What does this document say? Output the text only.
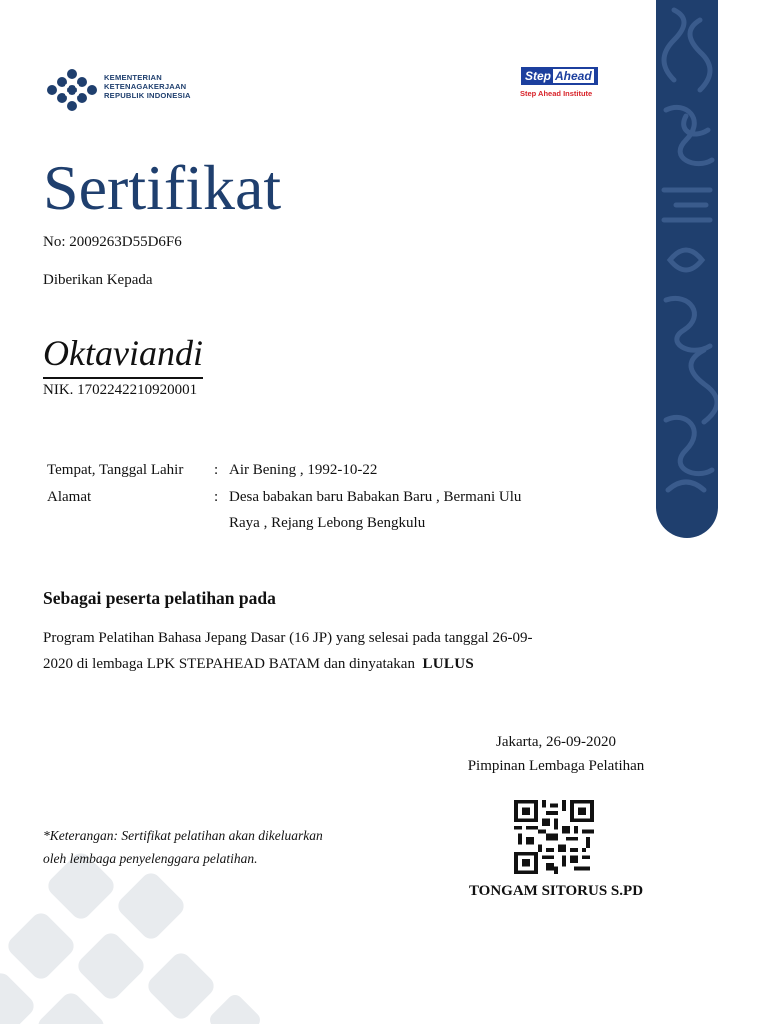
KEMENTERIAN
KETENAGAKERJAAN
REPUBLIK INDONESIA
Step Ahead
Step Ahead Institute
Sertifikat
No: 2009263D55D6F6
Diberikan Kepada
Oktaviandi
NIK. 1702242210920001
Tempat, Tanggal Lahir : Air Bening , 1992-10-22
Alamat	: Desa babakan baru Babakan Baru , Bermani Ulu
Raya , Rejang Lebong Bengkulu
Sebagai peserta pelatihan pada
Program Pelatihan Bahasa Jepang Dasar (16 JP) yang selesai pada tanggal 26-09-
2020 di lembaga LPK STEPAHEAD BATAM dan dinyatakan LULUS
Jakarta, 26-09-2020
Pimpinan Lembaga Pelatihan
TONGAM SITORUS S.PD
*Keterangan: Sertifikat pelatihan akan dikeluarkan
oleh lembaga penyelenggara pelatihan.
